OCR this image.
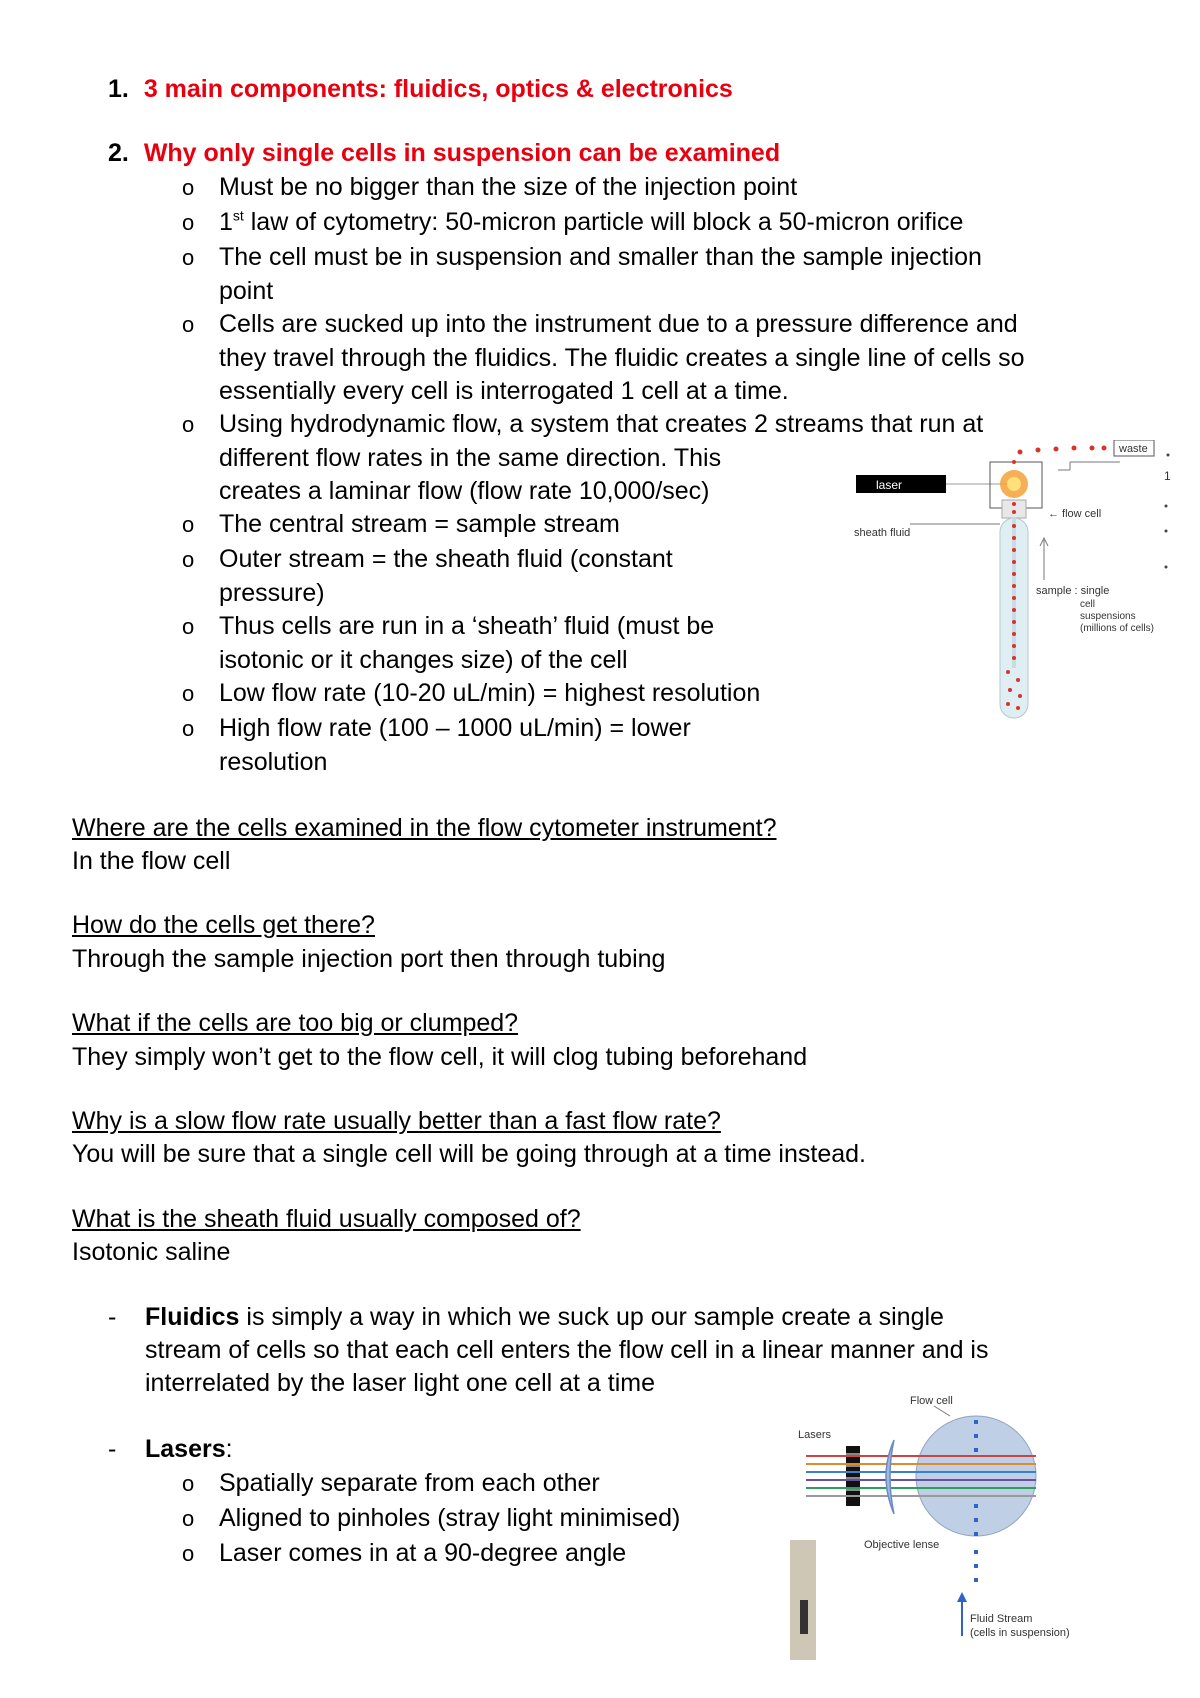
1. 3 main components: fluidics, optics & electronics
2. Why only single cells in suspension can be examined
o Must be no bigger than the size of the injection point
o 1st law of cytometry: 50-micron particle will block a 50-micron orifice
o The cell must be in suspension and smaller than the sample injection
point
o Cells are sucked up into the instrument due to a pressure difference and
they travel through the fluidics. The fluidic creates a single line of cells so
essentially every cell is interrogated 1 cell at a time.
o Using hydrodynamic flow, a system that creates 2 streams that run at
different flow rates in the same direction. This
creates a laminar flow (flow rate 10,000/sec)
o The central stream = sample stream
o Outer stream = the sheath fluid (constant
pressure)
o Thus cells are run in a ‘sheath’ fluid (must be
isotonic or it changes size) of the cell
o Low flow rate (10-20 uL/min) = highest resolution
o High flow rate (100 – 1000 uL/min) = lower
resolution
Where are the cells examined in the flow cytometer instrument?
In the flow cell
How do the cells get there?
Through the sample injection port then through tubing
What if the cells are too big or clumped?
They simply won’t get to the flow cell, it will clog tubing beforehand
Why is a slow flow rate usually better than a fast flow rate?
You will be sure that a single cell will be going through at a time instead.
What is the sheath fluid usually composed of?
Isotonic saline
- Fluidics is simply a way in which we suck up our sample create a single
stream of cells so that each cell enters the flow cell in a linear manner and is
interrelated by the laser light one cell at a time
- Lasers:
o Spatially separate from each other
o Aligned to pinholes (stray light minimised)
o Laser comes in at a 90-degree angle
laser
waste
← flow cell
sheath fluid
sample : single
cell
suspensions
(millions of cells)
1
Flow cell
Lasers
Objective lense
Fluid Stream
(cells in suspension)
